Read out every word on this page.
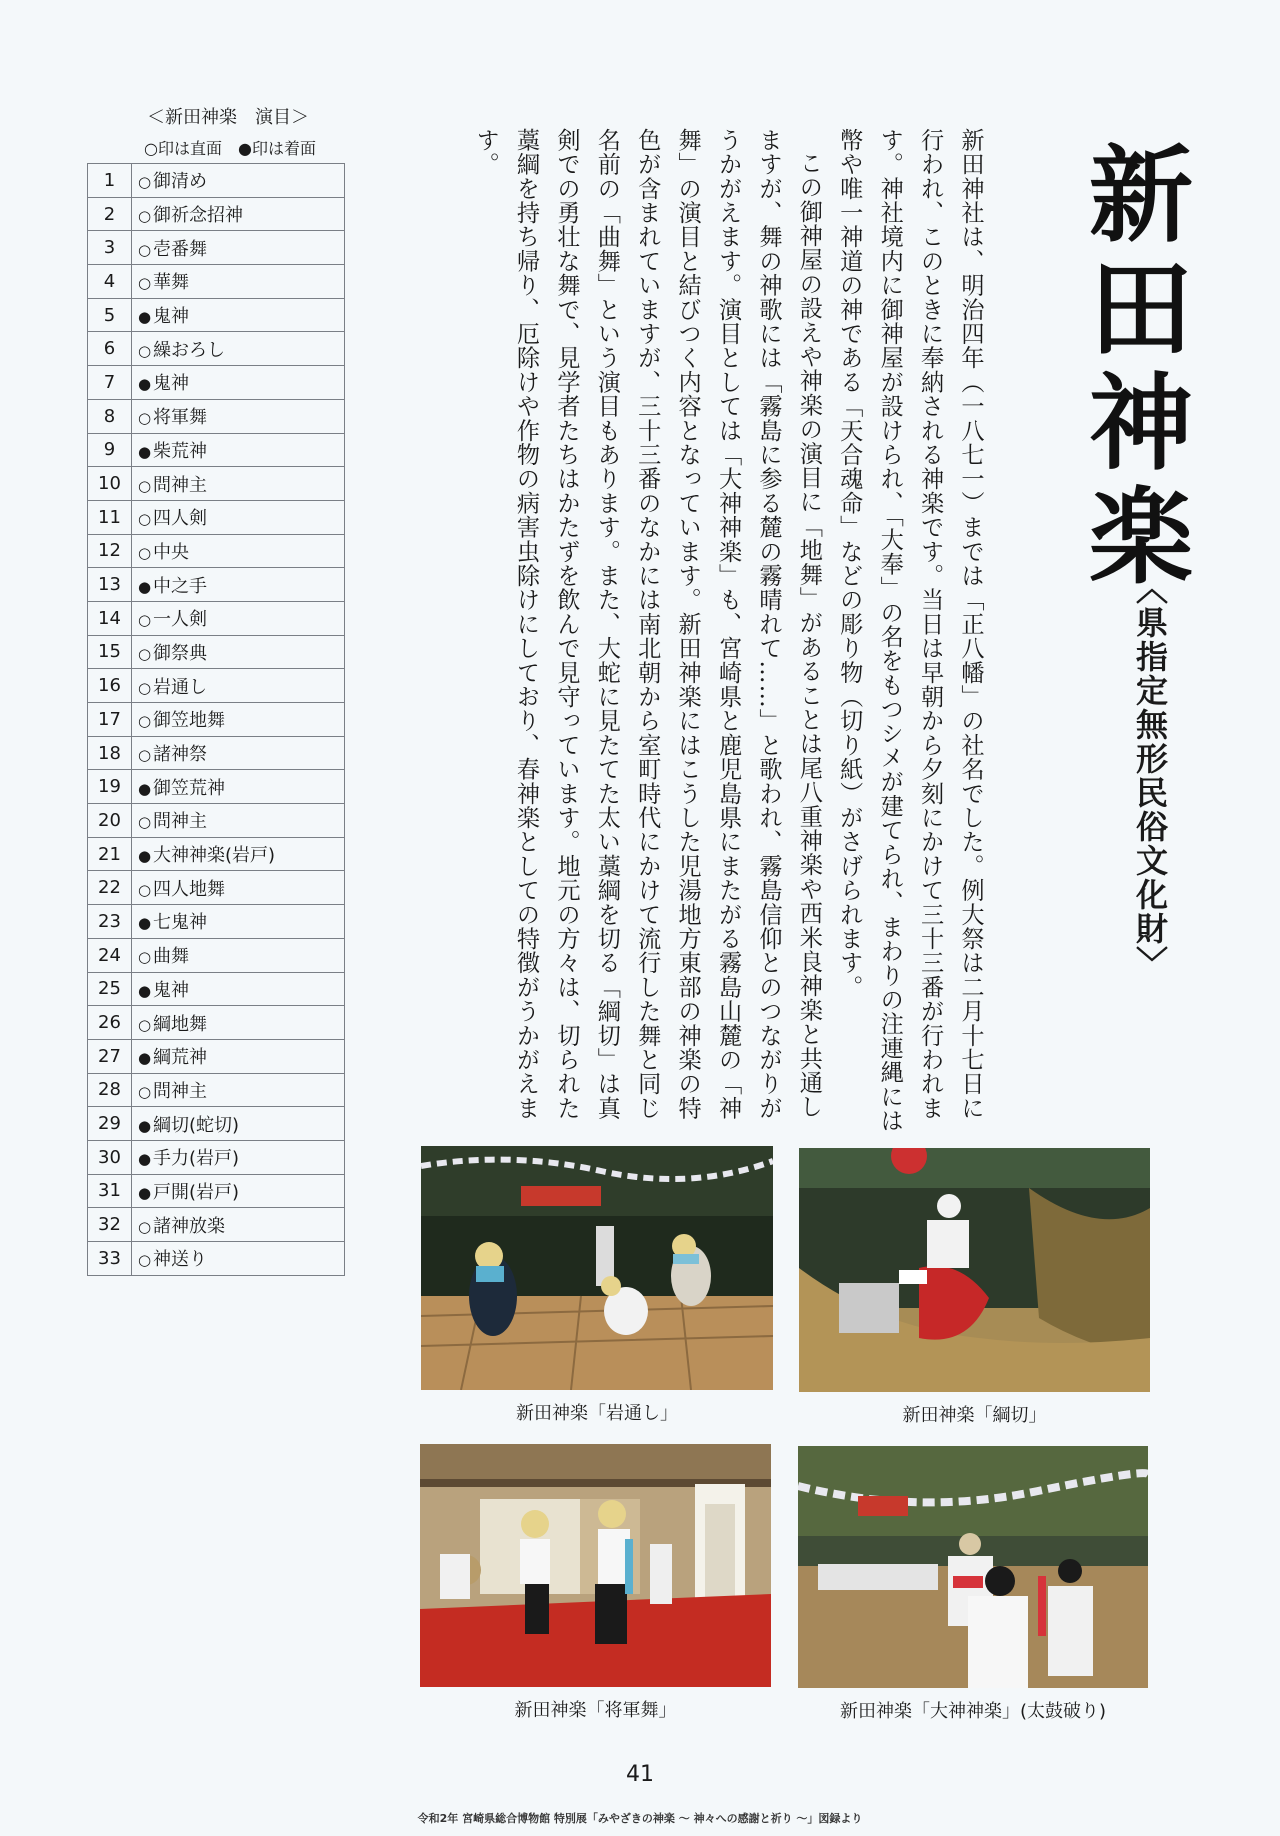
新田神楽
〈県指定無形民俗文化財〉

新田神社は、明治四年（一八七一）までは「正八幡」の社名でした。例大祭は二月十七日に行われ、このときに奉納される神楽です。当日は早朝から夕刻にかけて三十三番が行われます。神社境内に御神屋が設けられ、「大奉」の名をもつシメが建てられ、まわりの注連縄には幣や唯一神道の神である「天合魂命」などの彫り物（切り紙）がさげられます。

この御神屋の設えや神楽の演目に「地舞」があることは尾八重神楽や西米良神楽と共通しますが、舞の神歌には「霧島に参る麓の霧晴れて……」と歌われ、霧島信仰とのつながりがうかがえます。演目としては「大神神楽」も、宮崎県と鹿児島県にまたがる霧島山麓の「神舞」の演目と結びつく内容となっています。新田神楽にはこうした児湯地方東部の神楽の特色が含まれていますが、三十三番のなかには南北朝から室町時代にかけて流行した舞と同じ名前の「曲舞」という演目もあります。また、大蛇に見たてた太い藁綱を切る「綱切」は真剣での勇壮な舞で、見学者たちはかたずを飲んで見守っています。地元の方々は、切られた藁綱を持ち帰り、厄除けや作物の病害虫除けにしており、春神楽としての特徴がうかがえます。

＜新田神楽　演目＞
○印は直面　●印は着面
1	○ 御清め
2	○ 御祈念招神
3	○ 壱番舞
4	○ 華舞
5	● 鬼神
6	○ 繰おろし
7	● 鬼神
8	○ 将軍舞
9	● 柴荒神
10	○ 問神主
11	○ 四人剣
12	○ 中央
13	● 中之手
14	○ 一人剣
15	○ 御祭典
16	○ 岩通し
17	○ 御笠地舞
18	○ 諸神祭
19	● 御笠荒神
20	○ 問神主
21	● 大神神楽(岩戸)
22	○ 四人地舞
23	● 七鬼神
24	○ 曲舞
25	● 鬼神
26	○ 綱地舞
27	● 綱荒神
28	○ 問神主
29	● 綱切(蛇切)
30	● 手力(岩戸)
31	● 戸開(岩戸)
32	○ 諸神放楽
33	○ 神送り
新田神楽「岩通し」	新田神楽「綱切」
新田神楽「将軍舞」	新田神楽「大神神楽」(太鼓破り)
41
令和2年 宮崎県総合博物館 特別展「みやざきの神楽 ～ 神々への感謝と祈り ～」図録より
